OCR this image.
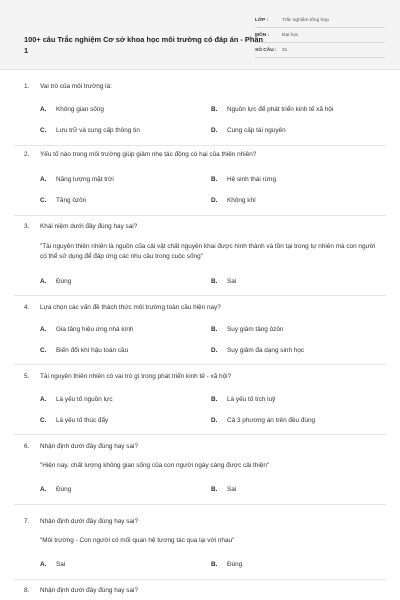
100+ câu Trắc nghiệm Cơ sở khoa học môi trường có đáp án - Phần 1
LỚP :	Trắc nghiệm tổng hợp
MÔN :	Đại học
SỐ CÂU :	31
1.	Vai trò của môi trường là:
A.	Không gian sống	B.	Nguồn lực để phát triển kinh tế xã hội
C.	Lưu trữ và cung cấp thông tin	D.	Cung cấp tài nguyên
2.	Yếu tố nào trong môi trường giúp giảm nhẹ tác động có hại của thiên nhiên?
A.	Năng lượng mặt trời	B.	Hệ sinh thái rừng
C.	Tầng ôzôn	D.	Không khí
3.	Khái niệm dưới đây đúng hay sai?
"Tài nguyên thiên nhiên là nguồn của cải vật chất nguyên khai được hình thành và tồn tại trong tự nhiên mà con người có thể sử dụng để đáp ứng các nhu cầu trong cuộc sống"
A.	Đúng	B.	Sai
4.	Lựa chọn các vấn đề thách thức môi trường toàn cầu hiện nay?
A.	Gia tăng hiệu ứng nhà kính	B.	Suy giảm tầng ôzôn
C.	Biến đổi khí hậu toàn cầu	D.	Suy giảm đa dạng sinh học
5.	Tài nguyên thiên nhiên có vai trò gì trong phát triển kinh tế - xã hội?
A.	Là yếu tố nguồn lực	B.	Là yếu tố tích luỹ
C.	Là yếu tố thúc đẩy	D.	Cả 3 phương án trên đều đúng
6.	Nhận định dưới đây đúng hay sai?
"Hiện nay, chất lượng không gian sống của con người ngày càng được cải thiện"
A.	Đúng	B.	Sai
7.	Nhận định dưới đây đúng hay sai?
"Môi trường - Con người có mối quan hệ tương tác qua lại với nhau"
A.	Sai	B.	Đúng
8.	Nhận định dưới đây đúng hay sai?
